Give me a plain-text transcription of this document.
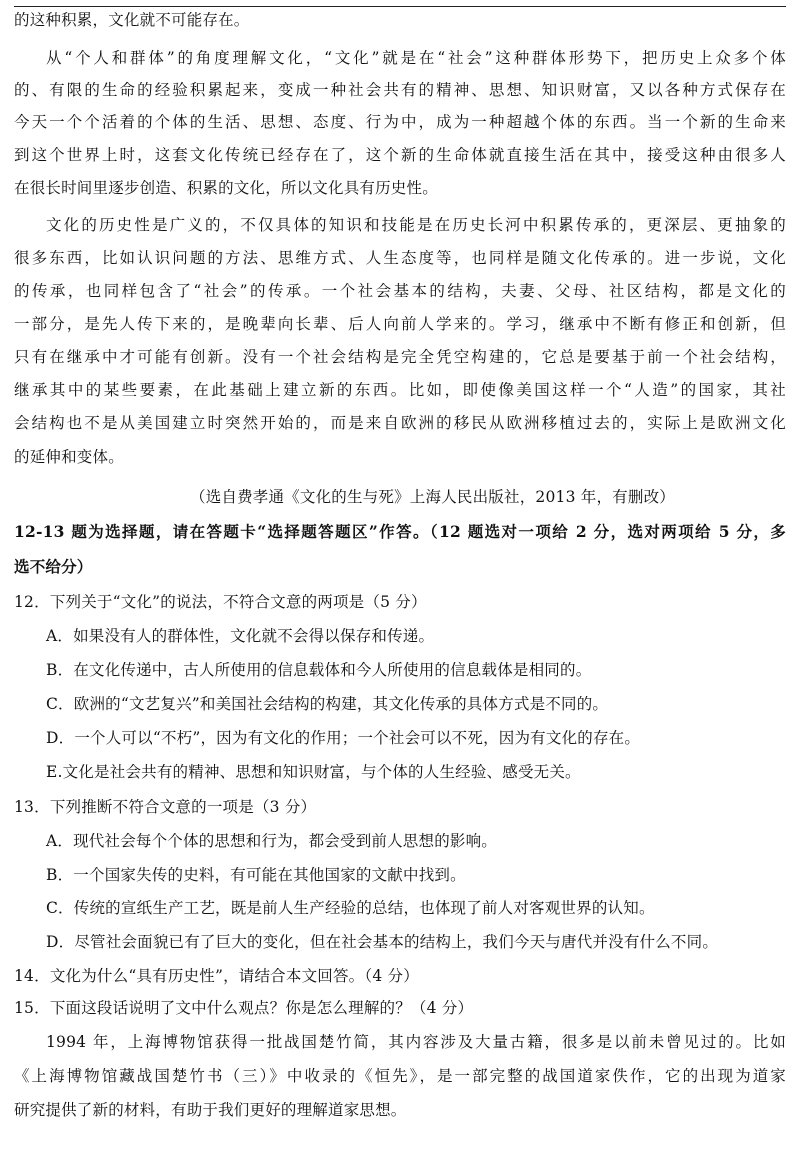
的这种积累，文化就不可能存在。
从“个人和群体”的角度理解文化，“文化”就是在“社会”这种群体形势下，把历史上众多个体
的、有限的生命的经验积累起来，变成一种社会共有的精神、思想、知识财富，又以各种方式保存在
今天一个个活着的个体的生活、思想、态度、行为中，成为一种超越个体的东西。当一个新的生命来
到这个世界上时，这套文化传统已经存在了，这个新的生命体就直接生活在其中，接受这种由很多人
在很长时间里逐步创造、积累的文化，所以文化具有历史性。
文化的历史性是广义的，不仅具体的知识和技能是在历史长河中积累传承的，更深层、更抽象的
很多东西，比如认识问题的方法、思维方式、人生态度等，也同样是随文化传承的。进一步说，文化
的传承，也同样包含了“社会”的传承。一个社会基本的结构，夫妻、父母、社区结构，都是文化的
一部分，是先人传下来的，是晚辈向长辈、后人向前人学来的。学习，继承中不断有修正和创新，但
只有在继承中才可能有创新。没有一个社会结构是完全凭空构建的，它总是要基于前一个社会结构，
继承其中的某些要素，在此基础上建立新的东西。比如，即使像美国这样一个“人造”的国家，其社
会结构也不是从美国建立时突然开始的，而是来自欧洲的移民从欧洲移植过去的，实际上是欧洲文化
的延伸和变体。
（选自费孝通《文化的生与死》上海人民出版社，2013 年，有删改）
12-13 题为选择题，请在答题卡“选择题答题区”作答。（12 题选对一项给 2 分，选对两项给 5 分，多
选不给分）
12．下列关于“文化”的说法，不符合文意的两项是（5 分）
A．如果没有人的群体性，文化就不会得以保存和传递。
B．在文化传递中，古人所使用的信息载体和今人所使用的信息载体是相同的。
C．欧洲的“文艺复兴”和美国社会结构的构建，其文化传承的具体方式是不同的。
D．一个人可以“不朽”，因为有文化的作用；一个社会可以不死，因为有文化的存在。
E.文化是社会共有的精神、思想和知识财富，与个体的人生经验、感受无关。
13．下列推断不符合文意的一项是（3 分）
A．现代社会每个个体的思想和行为，都会受到前人思想的影响。
B．一个国家失传的史料，有可能在其他国家的文献中找到。
C．传统的宣纸生产工艺，既是前人生产经验的总结，也体现了前人对客观世界的认知。
D．尽管社会面貌已有了巨大的变化，但在社会基本的结构上，我们今天与唐代并没有什么不同。
14．文化为什么“具有历史性”，请结合本文回答。（4 分）
15．下面这段话说明了文中什么观点？你是怎么理解的？（4 分）
1994 年，上海博物馆获得一批战国楚竹简，其内容涉及大量古籍，很多是以前未曾见过的。比如
《上海博物馆藏战国楚竹书（三）》中收录的《恒先》，是一部完整的战国道家佚作，它的出现为道家
研究提供了新的材料，有助于我们更好的理解道家思想。
